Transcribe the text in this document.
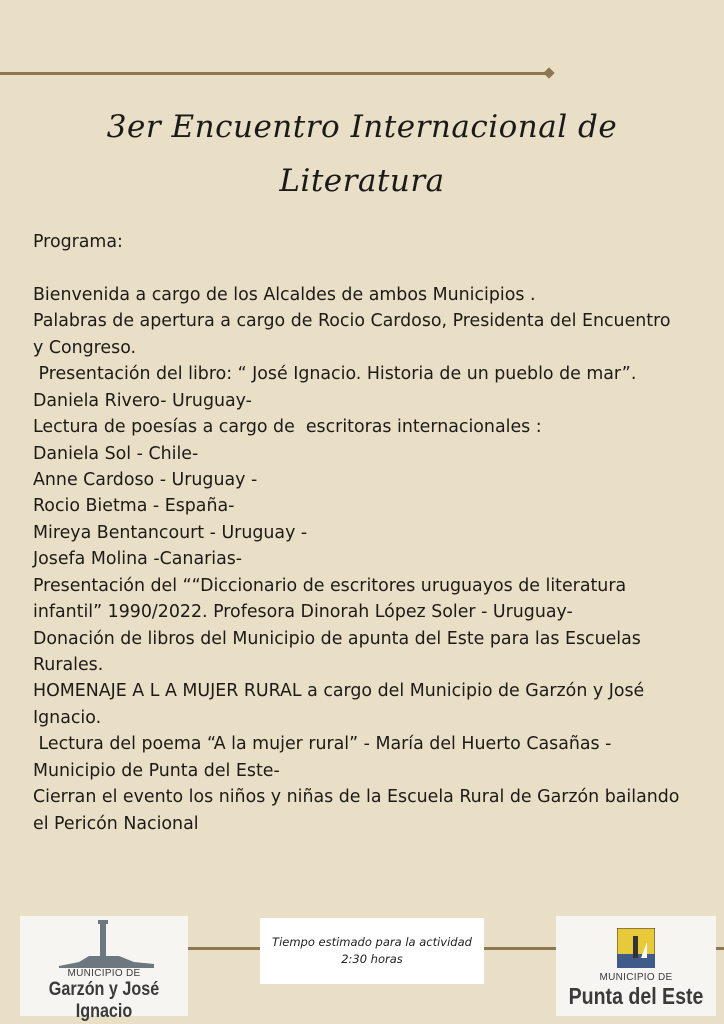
3er Encuentro Internacional de
Literatura
Programa:
Bienvenida a cargo de los Alcaldes de ambos Municipios .
Palabras de apertura a cargo de Rocio Cardoso, Presidenta del Encuentro
y Congreso.
Presentación del libro: “ José Ignacio. Historia de un pueblo de mar”.
Daniela Rivero- Uruguay-
Lectura de poesías a cargo de  escritoras internacionales :
Daniela Sol - Chile-
Anne Cardoso - Uruguay -
Rocio Bietma - España-
Mireya Bentancourt - Uruguay -
Josefa Molina -Canarias-
Presentación del ““Diccionario de escritores uruguayos de literatura
infantil” 1990/2022. Profesora Dinorah López Soler - Uruguay-
Donación de libros del Municipio de apunta del Este para las Escuelas
Rurales.
HOMENAJE A L A MUJER RURAL a cargo del Municipio de Garzón y José
Ignacio.
Lectura del poema “A la mujer rural” - María del Huerto Casañas -
Municipio de Punta del Este-
Cierran el evento los niños y niñas de la Escuela Rural de Garzón bailando
el Pericón Nacional
MUNICIPIO DE
Garzón y José Ignacio
Tiempo estimado para la actividad
2:30 horas
MUNICIPIO DE
Punta del Este
